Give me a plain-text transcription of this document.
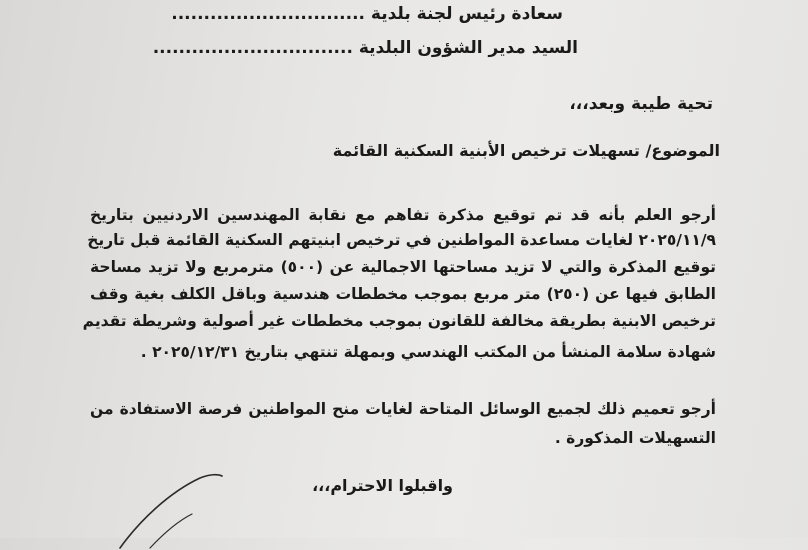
سعادة رئيس لجنة بلدية ..............................
السيد مدير الشؤون البلدية ...............................
تحية طيبة وبعد،،،
الموضوع/ تسهيلات ترخيص الأبنية السكنية القائمة
أرجو العلم بأنه قد تم توقيع مذكرة تفاهم مع نقابة المهندسين الاردنيين بتاريخ
٢٠٢٥/١١/٩ لغايات مساعدة المواطنين في ترخيص ابنيتهم السكنية القائمة قبل تاريخ
توقيع المذكرة والتي لا تزيد مساحتها الاجمالية عن (٥٠٠) مترمربع ولا تزيد مساحة
الطابق فيها عن (٢٥٠) متر مربع بموجب مخططات هندسية وباقل الكلف بغية وقف
ترخيص الابنية بطريقة مخالفة للقانون بموجب مخططات غير أصولية وشريطة تقديم
شهادة سلامة المنشأ من المكتب الهندسي وبمهلة تنتهي بتاريخ ٢٠٢٥/١٢/٣١ .
أرجو تعميم ذلك لجميع الوسائل المتاحة لغايات منح المواطنين فرصة الاستفادة من
التسهيلات المذكورة .
واقبلوا الاحترام،،،
